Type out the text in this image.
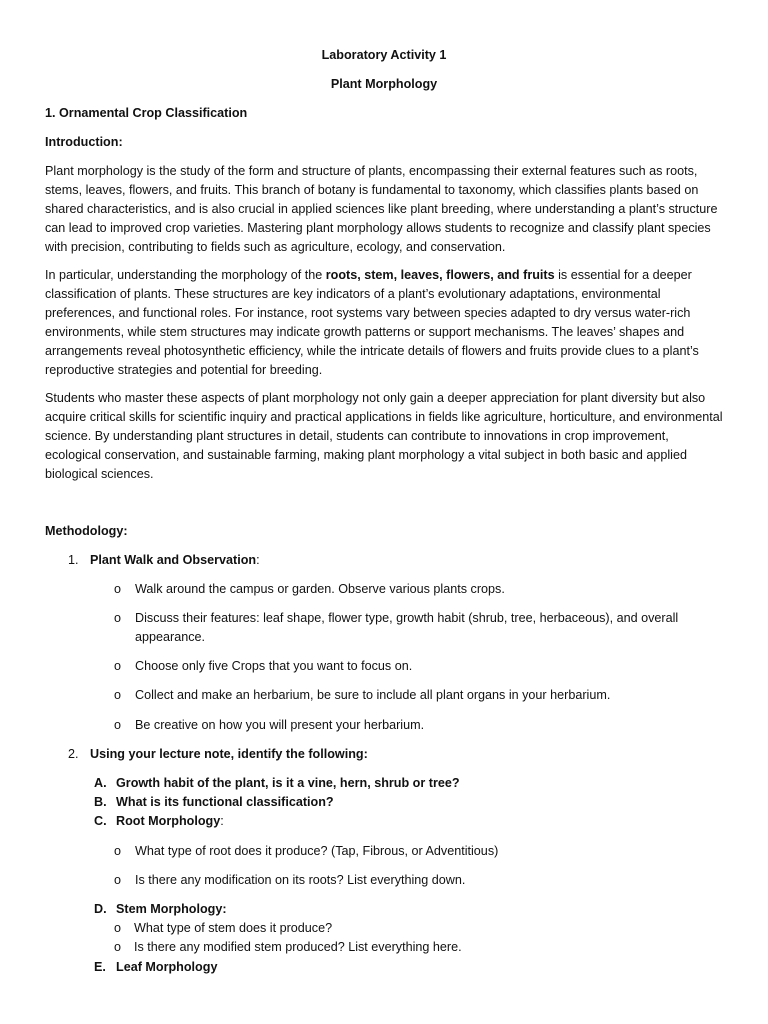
Laboratory Activity 1
Plant Morphology
1. Ornamental Crop Classification
Introduction:
Plant morphology is the study of the form and structure of plants, encompassing their external features such as roots, stems, leaves, flowers, and fruits. This branch of botany is fundamental to taxonomy, which classifies plants based on shared characteristics, and is also crucial in applied sciences like plant breeding, where understanding a plant’s structure can lead to improved crop varieties. Mastering plant morphology allows students to recognize and classify plant species with precision, contributing to fields such as agriculture, ecology, and conservation.
In particular, understanding the morphology of the roots, stem, leaves, flowers, and fruits is essential for a deeper classification of plants. These structures are key indicators of a plant’s evolutionary adaptations, environmental preferences, and functional roles. For instance, root systems vary between species adapted to dry versus water-rich environments, while stem structures may indicate growth patterns or support mechanisms. The leaves’ shapes and arrangements reveal photosynthetic efficiency, while the intricate details of flowers and fruits provide clues to a plant’s reproductive strategies and potential for breeding.
Students who master these aspects of plant morphology not only gain a deeper appreciation for plant diversity but also acquire critical skills for scientific inquiry and practical applications in fields like agriculture, horticulture, and environmental science. By understanding plant structures in detail, students can contribute to innovations in crop improvement, ecological conservation, and sustainable farming, making plant morphology a vital subject in both basic and applied biological sciences.
Methodology:
1. Plant Walk and Observation:
o Walk around the campus or garden. Observe various plants crops.
o Discuss their features: leaf shape, flower type, growth habit (shrub, tree, herbaceous), and overall
appearance.
o Choose only five Crops that you want to focus on.
o Collect and make an herbarium, be sure to include all plant organs in your herbarium.
o Be creative on how you will present your herbarium.
2. Using your lecture note, identify the following:
A. Growth habit of the plant, is it a vine, hern, shrub or tree?
B. What is its functional classification?
C. Root Morphology:
o What type of root does it produce? (Tap, Fibrous, or Adventitious)
o Is there any modification on its roots? List everything down.
D. Stem Morphology:
o What type of stem does it produce?
o Is there any modified stem produced? List everything here.
E. Leaf Morphology
